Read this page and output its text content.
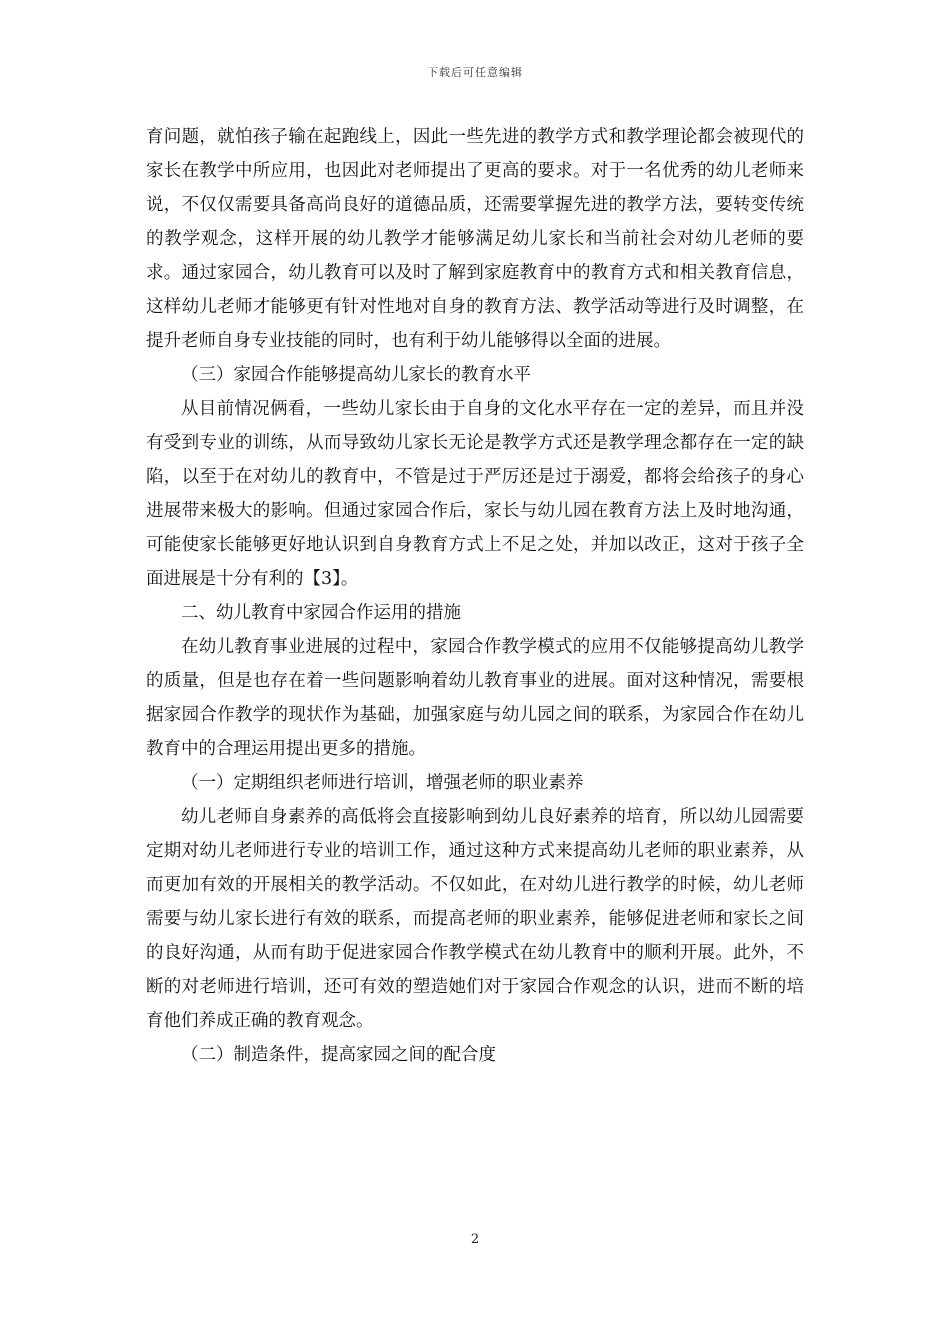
下载后可任意编辑

育问题，就怕孩子输在起跑线上，因此一些先进的教学方式和教学理论都会被现代的家长在教学中所应用，也因此对老师提出了更高的要求。对于一名优秀的幼儿老师来说，不仅仅需要具备高尚良好的道德品质，还需要掌握先进的教学方法，要转变传统的教学观念，这样开展的幼儿教学才能够满足幼儿家长和当前社会对幼儿老师的要求。通过家园合，幼儿教育可以及时了解到家庭教育中的教育方式和相关教育信息，这样幼儿老师才能够更有针对性地对自身的教育方法、教学活动等进行及时调整，在提升老师自身专业技能的同时，也有利于幼儿能够得以全面的进展。

（三）家园合作能够提高幼儿家长的教育水平

从目前情况俩看，一些幼儿家长由于自身的文化水平存在一定的差异，而且并没有受到专业的训练，从而导致幼儿家长无论是教学方式还是教学理念都存在一定的缺陷，以至于在对幼儿的教育中，不管是过于严厉还是过于溺爱，都将会给孩子的身心进展带来极大的影响。但通过家园合作后，家长与幼儿园在教育方法上及时地沟通，可能使家长能够更好地认识到自身教育方式上不足之处，并加以改正，这对于孩子全面进展是十分有利的【3】。

二、幼儿教育中家园合作运用的措施

在幼儿教育事业进展的过程中，家园合作教学模式的应用不仅能够提高幼儿教学的质量，但是也存在着一些问题影响着幼儿教育事业的进展。面对这种情况，需要根据家园合作教学的现状作为基础，加强家庭与幼儿园之间的联系，为家园合作在幼儿教育中的合理运用提出更多的措施。

（一）定期组织老师进行培训，增强老师的职业素养

幼儿老师自身素养的高低将会直接影响到幼儿良好素养的培育，所以幼儿园需要定期对幼儿老师进行专业的培训工作，通过这种方式来提高幼儿老师的职业素养，从而更加有效的开展相关的教学活动。不仅如此，在对幼儿进行教学的时候，幼儿老师需要与幼儿家长进行有效的联系，而提高老师的职业素养，能够促进老师和家长之间的良好沟通，从而有助于促进家园合作教学模式在幼儿教育中的顺利开展。此外，不断的对老师进行培训，还可有效的塑造她们对于家园合作观念的认识，进而不断的培育他们养成正确的教育观念。

（二）制造条件，提高家园之间的配合度

2
